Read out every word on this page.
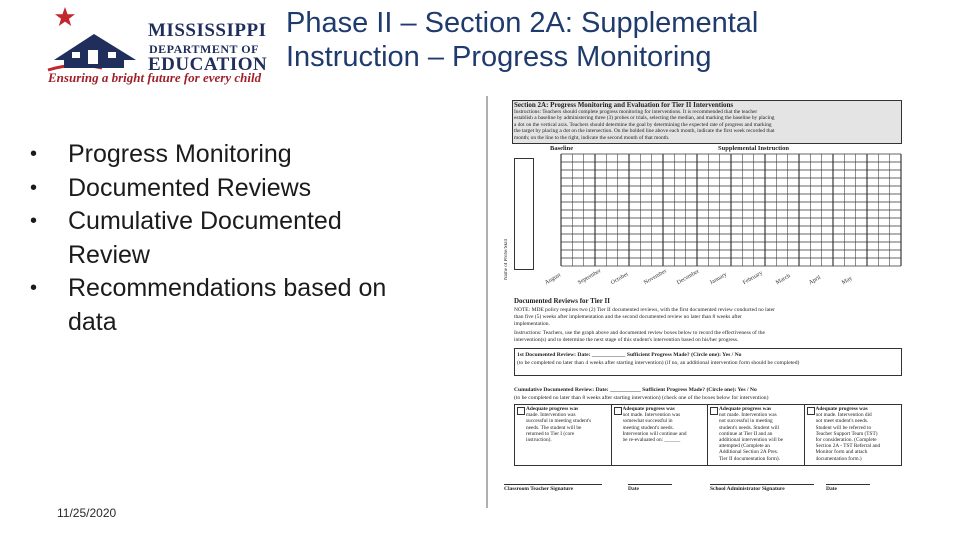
MISSISSIPPI
DEPARTMENT OF
EDUCATION
Ensuring a bright future for every child
Phase II – Section 2A: Supplemental
Instruction – Progress Monitoring
• Progress Monitoring
• Documented Reviews
• Cumulative Documented
Review
• Recommendations based on
data
11/25/2020
Section 2A: Progress Monitoring and Evaluation for Tier II Interventions
Instructions: Teachers should complete progress monitoring for interventions. It is recommended that the teacher
establish a baseline by administering three (3) probes or trials, selecting the median, and marking the baseline by placing
a dot on the vertical axis. Teachers should determine the goal by determining the expected rate of progress and marking
the target by placing a dot on the intersection. On the bolded line above each month, indicate the first week recorded that
month; on the line to the right, indicate the second month of that month.
Baseline	Supplemental Instruction
Name of Probe/Skill	August September October November December January February March	April	May
Documented Reviews for Tier II
NOTE: MDE policy requires two (2) Tier II documented reviews, with the first documented review conducted no later
than five (5) weeks after implementation and the second documented review no later than 8 weeks after
implementation.
Instructions: Teachers, use the graph above and documented review boxes below to record the effectiveness of the
intervention(s) and to determine the next stage of this student's intervention based on his/her progress.
1st Documented Review: Date: ____________ Sufficient Progress Made? (Circle one): Yes / No
(to be completed no later than 4 weeks after starting intervention) (if no, an additional intervention form should be completed)
Cumulative Documented Review: Date: ___________ Sufficient Progress Made? (Circle one): Yes / No
(to be completed no later than 8 weeks after starting intervention) (check one of the boxes below for intervention)
Adequate progress was
made. Intervention was
successful in meeting student's
needs. The student will be
returned to Tier I (core
instruction).
Adequate progress was
not made. Intervention was
somewhat successful in
meeting student's needs.
Intervention will continue and
be re-evaluated on: ______
Adequate progress was
not made. Intervention was
not successful in meeting
student's needs. Student will
continue at Tier II and an
additional intervention will be
attempted (Complete an
Additional Section 2A Pres.
Tier II documentation form).
Adequate progress was
not made. Intervention did
not meet student's needs.
Student will be referred to
Teacher Support Team (TST)
for consideration. (Complete
Section 2A - TST Referral and
Monitor form and attach
documentation form.)
Classroom Teacher Signature	Date	School Administrator Signature	Date
